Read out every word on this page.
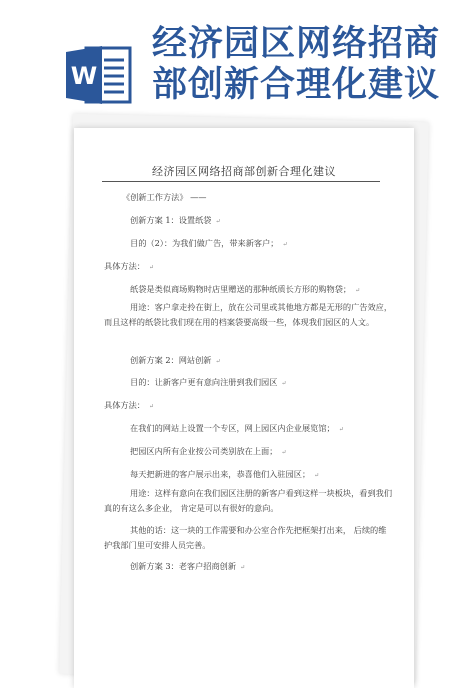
W
经济园区网络招商
部创新合理化建议
经济园区网络招商部创新合理化建议
《创新工作方法》 ——
创新方案 1：设置纸袋 ↵
目的（2）：为我们做广告，带来新客户； ↵
具体方法： ↵
纸袋是类似商场购物时店里赠送的那种纸质长方形的购物袋； ↵
用途：客户拿走拎在街上，放在公司里或其他地方都是无形的广告效应，而且这样的纸袋比我们现在用的档案袋要高级一些，体现我们园区的人文。
创新方案 2：网站创新 ↵
目的：让新客户更有意向注册到我们园区 ↵
具体方法： ↵
在我们的网站上设置一个专区，网上园区内企业展览馆； ↵
把园区内所有企业按公司类别放在上面； ↵
每天把新进的客户展示出来，恭喜他们入驻园区； ↵
用途：这样有意向在我们园区注册的新客户看到这样一块板块，看到我们真的有这么多企业， 肯定是可以有很好的意向。
其他的话：这一块的工作需要和办公室合作先把框架打出来， 后续的维护我部门里可安排人员完善。
创新方案 3：老客户招商创新 ↵
